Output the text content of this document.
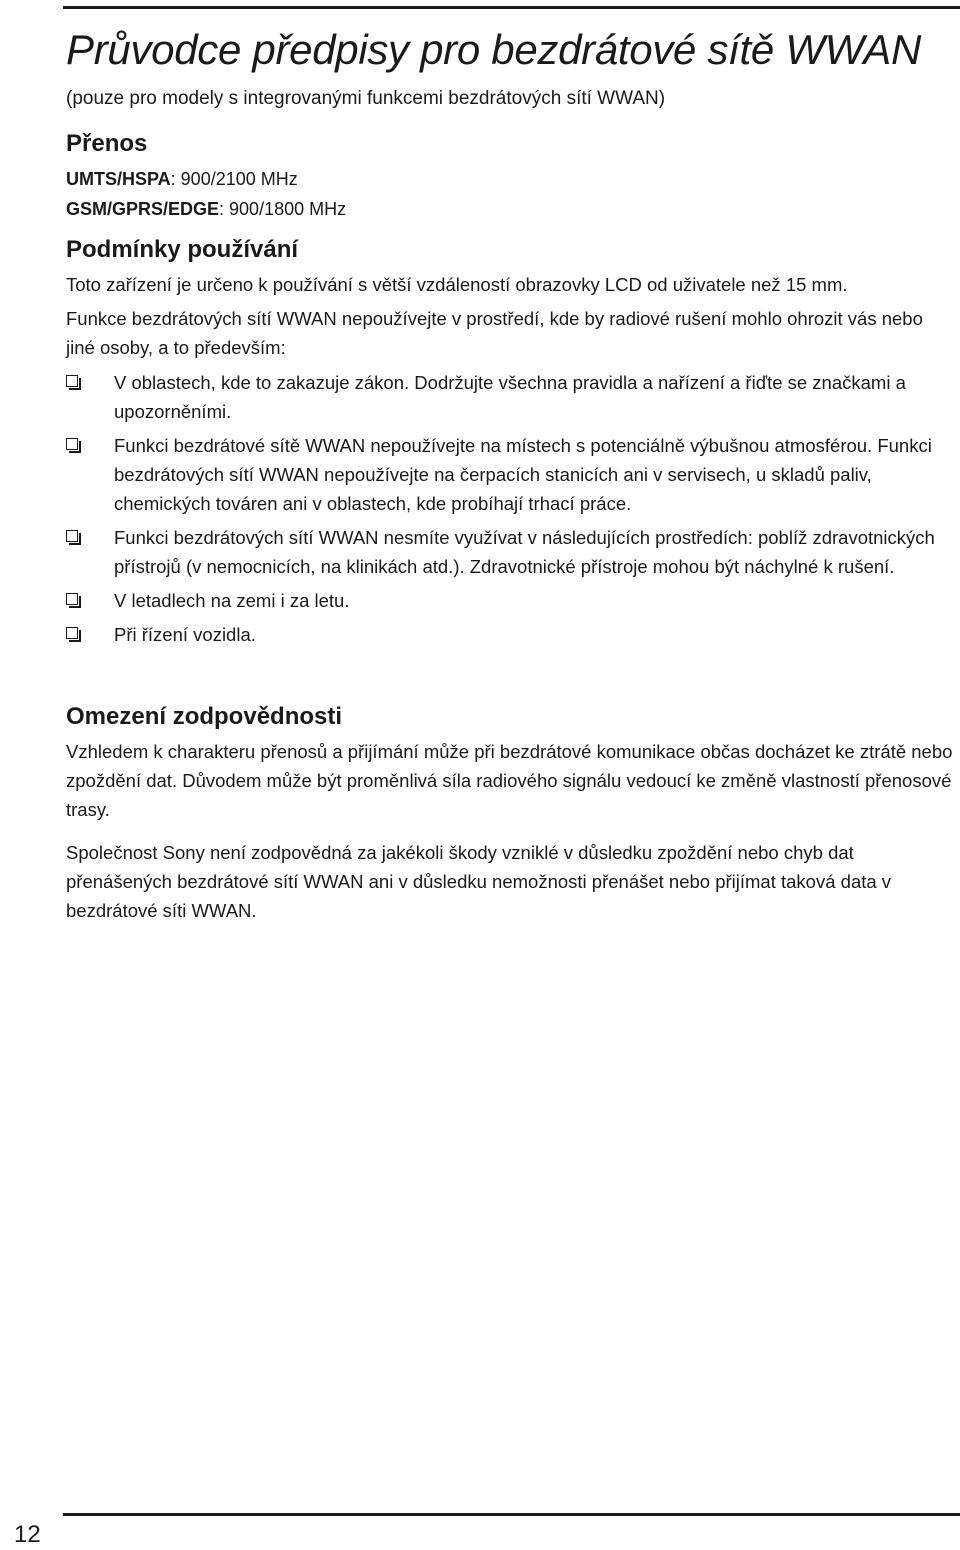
Průvodce předpisy pro bezdrátové sítě WWAN
(pouze pro modely s integrovanými funkcemi bezdrátových sítí WWAN)
Přenos
UMTS/HSPA: 900/2100 MHz
GSM/GPRS/EDGE: 900/1800 MHz
Podmínky používání

Toto zařízení je určeno k používání s větší vzdáleností obrazovky LCD od uživatele než 15 mm.

Funkce bezdrátových sítí WWAN nepoužívejte v prostředí, kde by radiové rušení mohlo ohrozit vás nebo jiné osoby, a to především:

V oblastech, kde to zakazuje zákon. Dodržujte všechna pravidla a nařízení a řiďte se značkami a upozorněními.
Funkci bezdrátové sítě WWAN nepoužívejte na místech s potenciálně výbušnou atmosférou. Funkci bezdrátových sítí WWAN nepoužívejte na čerpacích stanicích ani v servisech, u skladů paliv, chemických továren ani v oblastech, kde probíhají trhací práce.
Funkci bezdrátových sítí WWAN nesmíte využívat v následujících prostředích: poblíž zdravotnických přístrojů (v nemocnicích, na klinikách atd.). Zdravotnické přístroje mohou být náchylné k rušení.
V letadlech na zemi i za letu.
Při řízení vozidla.
Omezení zodpovědnosti

Vzhledem k charakteru přenosů a přijímání může při bezdrátové komunikace občas docházet ke ztrátě nebo zpoždění dat. Důvodem může být proměnlivá síla radiového signálu vedoucí ke změně vlastností přenosové trasy.

Společnost Sony není zodpovědná za jakékoli škody vzniklé v důsledku zpoždění nebo chyb dat přenášených bezdrátové sítí WWAN ani v důsledku nemožnosti přenášet nebo přijímat taková data v bezdrátové síti WWAN.

12
